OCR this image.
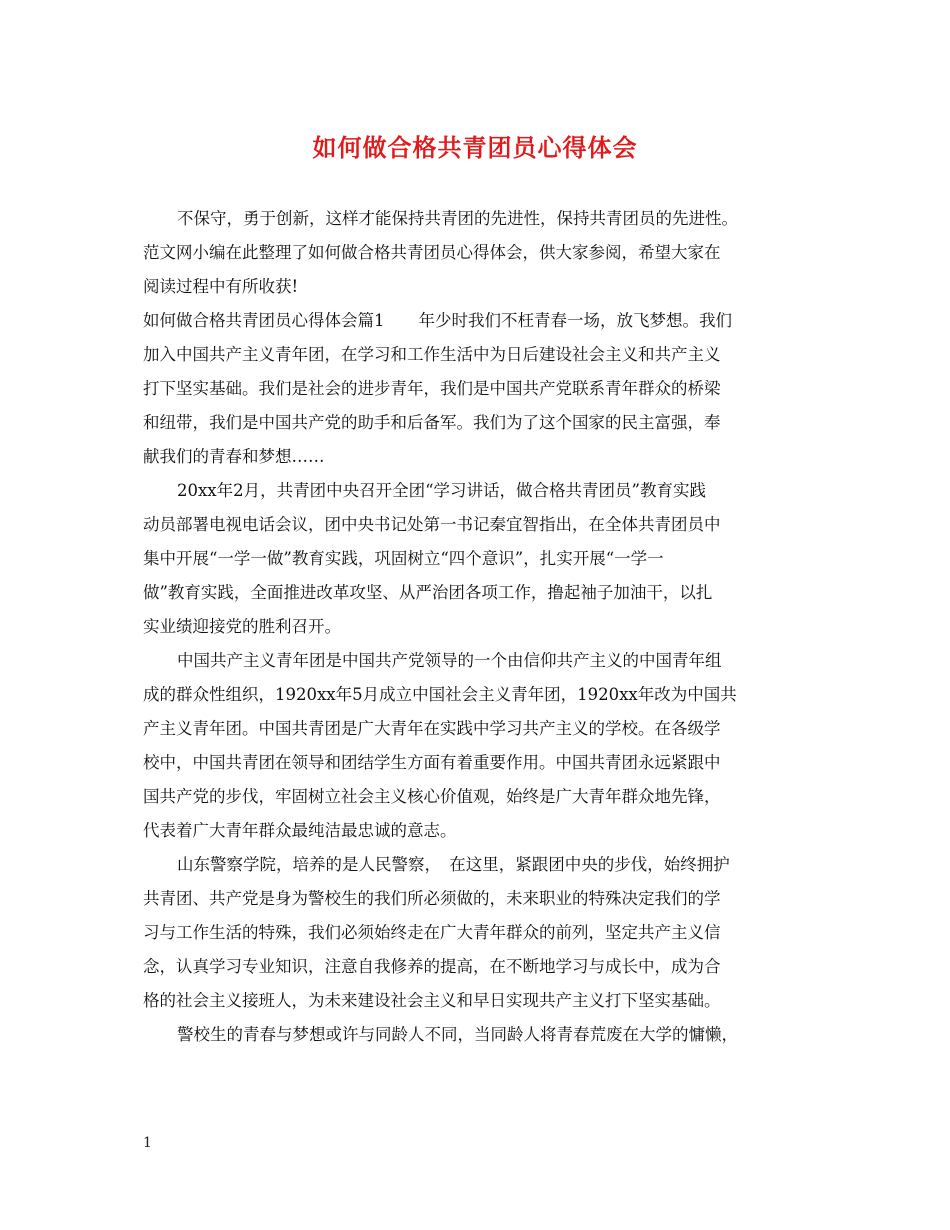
如何做合格共青团员心得体会
不保守，勇于创新，这样才能保持共青团的先进性，保持共青团员的先进性。
范文网小编在此整理了如何做合格共青团员心得体会，供大家参阅，希望大家在
阅读过程中有所收获!
如何做合格共青团员心得体会篇1 年少时我们不枉青春一场，放飞梦想。我们
加入中国共产主义青年团，在学习和工作生活中为日后建设社会主义和共产主义
打下坚实基础。我们是社会的进步青年，我们是中国共产党联系青年群众的桥梁
和纽带，我们是中国共产党的助手和后备军。我们为了这个国家的民主富强，奉
献我们的青春和梦想……
20xx年2月，共青团中央召开全团“学习讲话，做合格共青团员”教育实践
动员部署电视电话会议，团中央书记处第一书记秦宜智指出，在全体共青团员中
集中开展“一学一做”教育实践，巩固树立“四个意识”，扎实开展“一学一
做”教育实践，全面推进改革攻坚、从严治团各项工作，撸起袖子加油干，以扎
实业绩迎接党的胜利召开。
中国共产主义青年团是中国共产党领导的一个由信仰共产主义的中国青年组
成的群众性组织，1920xx年5月成立中国社会主义青年团，1920xx年改为中国共
产主义青年团。中国共青团是广大青年在实践中学习共产主义的学校。在各级学
校中，中国共青团在领导和团结学生方面有着重要作用。中国共青团永远紧跟中
国共产党的步伐，牢固树立社会主义核心价值观，始终是广大青年群众地先锋，
代表着广大青年群众最纯洁最忠诚的意志。
山东警察学院，培养的是人民警察，　在这里，紧跟团中央的步伐，始终拥护
共青团、共产党是身为警校生的我们所必须做的，未来职业的特殊决定我们的学
习与工作生活的特殊，我们必须始终走在广大青年群众的前列，坚定共产主义信
念，认真学习专业知识，注意自我修养的提高，在不断地学习与成长中，成为合
格的社会主义接班人，为未来建设社会主义和早日实现共产主义打下坚实基础。
警校生的青春与梦想或许与同龄人不同，当同龄人将青春荒废在大学的慵懒，
1
